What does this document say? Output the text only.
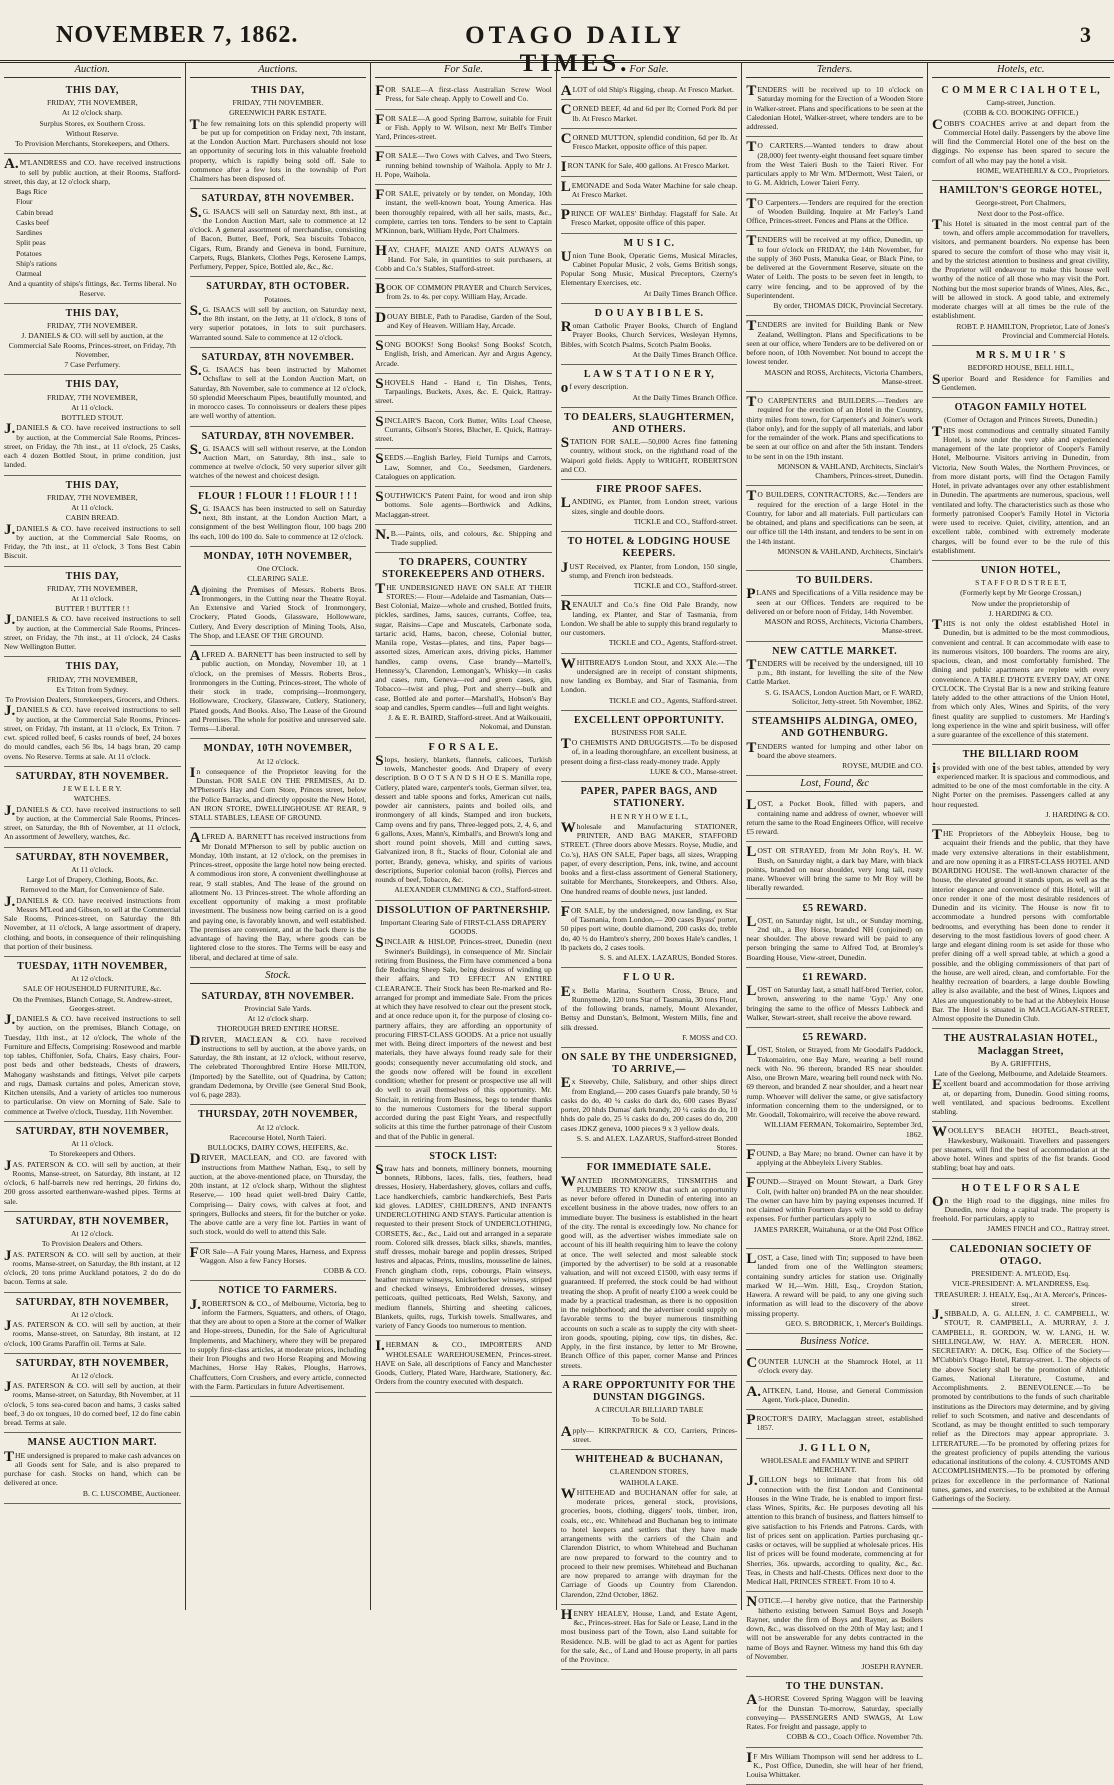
NOVEMBER 7, 1862.	OTAGO DAILY TIMES.
3
Auction.
THIS DAY,
FRIDAY, 7TH NOVEMBER,
At 12 o'clock sharp.
Surplus Stores, ex Southern Cross.
Without Reserve.
To Provision Merchants, Storekeepers, and Others.

A.M'LANDRESS and CO. have received instructions to sell by public auction, at their Rooms, Stafford-street, this day, at 12 o'clock sharp,

Bags Rice
Flour
Cabin bread
Casks beef
Sardines
Split peas
Potatoes
Ship's rations
Oatmeal
And a quantity of ships's fittings, &c. Terms liberal. No Reserve.
THIS DAY,
FRIDAY, 7TH NOVEMBER.
J. DANIELS & CO. will sell by auction, at the Commercial Sale Rooms, Princes-street, on Friday, 7th November,
7 Case Perfumery.
THIS DAY,
FRIDAY, 7TH NOVEMBER,
At 11 o'clock.
BOTTLED STOUT.

J.DANIELS & CO. have received instructions to sell by auction, at the Commercial Sale Rooms, Princes-street, on Friday, the 7th inst., at 11 o'clock, 25 Casks, each 4 dozen Bottled Stout, in prime condition, just landed.

THIS DAY,
FRIDAY, 7TH NOVEMBER,
At 11 o'clock.
CABIN BREAD.

J.DANIELS & CO. have received instructions to sell by auction, at the Commercial Sale Rooms, on Friday, the 7th inst., at 11 o'clock, 3 Tons Best Cabin Biscuit.

THIS DAY,
FRIDAY, 7TH NOVEMBER,
At 11 o'clock.
BUTTER ! BUTTER ! !

J.DANIELS & CO. have received instructions to sell by auction, at the Commercial Sale Rooms, Princes-street, on Friday, the 7th inst., at 11 o'clock, 24 Casks New Wellington Butter.

THIS DAY,
FRIDAY, 7TH NOVEMBER,
Ex Triton from Sydney.
To Provision Dealers, Storekeepers, Grocers, and Others.

J.DANIELS & CO. have received instructions to sell by auction, at the Commercial Sale Rooms, Princes-street, on Friday, 7th instant, at 11 o'clock, Ex Triton. 7 cwt. spiced rolled beef, 6 casks rounds of beef, 24 boxes do mould candles, each 56 lbs, 14 bags bran, 20 camp ovens. No Reserve. Terms at sale. At 11 o'clock.

SATURDAY, 8TH NOVEMBER.
J E W E L L E R Y.
WATCHES.

J.DANIELS & CO. have received instructions to sell by auction, at the Commercial Sale Rooms, Princes-street, on Saturday, the 8th of November, at 11 o'clock, An assortment of Jewellery, watches, &c.

SATURDAY, 8TH NOVEMBER,
At 11 o'clock.
Large Lot of Drapery, Clothing, Boots, &c.
Removed to the Mart, for Convenience of Sale.

J.DANIELS & CO. have received instructions from Messrs M'Leod and Gibson, to sell at the Commercial Sale Rooms, Princes-street, on Saturday the 8th November, at 11 o'clock, A large assortment of drapery, clothing, and boots, in consequence of their relinquishing that portion of their business.

TUESDAY, 11TH NOVEMBER,
At 12 o'clock.
SALE OF HOUSEHOLD FURNITURE, &c.
On the Premises, Blanch Cottage, St. Andrew-street, Georges-street.

J.DANIELS & CO. have received instructions to sell by auction, on the premises, Blanch Cottage, on Tuesday, 11th inst., at 12 o'clock, The whole of the Furniture and Effects, Comprising: Rosewood and marble top tables, Chiffonier, Sofa, Chairs, Easy chairs, Four-post beds and other bedsteads, Chests of drawers, Mahogany washstands and fittings, Velvet pile carpets and rugs, Damask curtains and poles, American stove, Kitchen utensils, And a variety of articles too numerous to particularise. On view on Morning of Sale. Sale to commence at Twelve o'clock, Tuesday, 11th November.

SATURDAY, 8TH NOVEMBER,
At 11 o'clock.
To Storekeepers and Others.

JAS. PATERSON & CO. will sell by auction, at their Rooms, Manse-street, on Saturday, 8th instant, at 12 o'clock, 6 half-barrels new red herrings, 20 firkins do, 200 gross assorted earthenware-washed pipes. Terms at sale.

SATURDAY, 8TH NOVEMBER,
At 12 o'clock.
To Provision Dealers and Others.

JAS. PATERSON & CO. will sell by auction, at their rooms, Manse-street, on Saturday, the 8th instant, at 12 o'clock, 20 tons prime Auckland potatoes, 2 do do do bacon. Terms at sale.

SATURDAY, 8TH NOVEMBER,
At 12 o'clock.

JAS. PATERSON & CO. will sell by auction, at their rooms, Manse-street, on Saturday, 8th instant, at 12 o'clock, 100 Grams Paraffin oil. Terms at Sale.

SATURDAY, 8TH NOVEMBER,
At 12 o'clock.

JAS. PATERSON & CO. will sell by auction, at their rooms, Manse-street, on Saturday, 8th November, at 11 o'clock, 5 tons sea-cured bacon and hams, 3 casks salted beef, 3 do ox tongues, 10 do corned beef, 12 do fine cabin bread. Terms at sale.

MANSE AUCTION MART.

THE undersigned is prepared to make cash advances on all Goods sent for Sale, and is also prepared to purchase for cash. Stocks on hand, which can be delivered at once.

B. C. LUSCOMBE, Auctioneer.
Auctions.
THIS DAY,
FRIDAY, 7TH NOVEMBER.
GREENWICH PARK ESTATE.

The few remaining lots on this splendid property will be put up for competition on Friday next, 7th instant, at the London Auction Mart. Purchasers should not lose an opportunity of securing lots in this valuable freehold property, which is rapidly being sold off. Sale to commence after a few lots in the township of Port Chalmers has been disposed of.

SATURDAY, 8TH NOVEMBER.

S.G. ISAACS will sell on Saturday next, 8th inst., at the London Auction Mart, sale to commence at 12 o'clock. A general assortment of merchandise, consisting of Bacon, Butter, Beef, Pork, Sea biscuits Tobacco, Cigars, Rum, Brandy and Geneva in bond, Furniture, Carpets, Rugs, Blankets, Clothes Pegs, Kerosene Lamps, Perfumery, Pepper, Spice, Bottled ale, &c., &c.

SATURDAY, 8TH OCTOBER.
Potatoes.

S.G. ISAACS will sell by auction, on Saturday next, the 8th instant, on the Jetty, at 11 o'clock, 8 tons of very superior potatoes, in lots to suit purchasers. Warranted sound. Sale to commence at 12 o'clock.

SATURDAY, 8TH NOVEMBER.

S.G. ISAACS has been instructed by Mahomet Ochsflaw to sell at the London Auction Mart, on Saturday, 8th November, sale to commence at 12 o'clock, 50 splendid Meerschaum Pipes, beautifully mounted, and in morocco cases. To connoisseurs or dealers these pipes are well worthy of attention.

SATURDAY, 8TH NOVEMBER.

S.G. ISAACS will sell without reserve, at the London Auction Mart, on Saturday, 8th inst., sale to commence at twelve o'clock, 50 very superior silver gilt watches of the newest and choicest design.

FLOUR ! FLOUR ! ! FLOUR ! ! !

S.G. ISAACS has been instructed to sell on Saturday next, 8th instant, at the London Auction Mart, a consignment of the best Wellington flour, 100 bags 200 lbs each, 100 do 100 do. Sale to commence at 12 o'clock.

MONDAY, 10TH NOVEMBER,
One O'Clock.
CLEARING SALE.

Adjoining the Premises of Messrs. Roberts Bros. Ironmongers, in the Cutting near the Theatre Royal. An Extensive and Varied Stock of Ironmongery, Crockery, Plated Goods, Glassware, Hollowware, Cutlery, And Every description of Mining Tools, Also, The Shop, and LEASE OF THE GROUND.

ALFRED A. BARNETT has been instructed to sell by public auction, on Monday, November 10, at 1 o'clock, on the premises of Messrs. Roberts Bros., Ironmongers in the Cutting, Princes-street, The whole of their stock in trade, comprising—Ironmongery, Hollowware, Crockery, Glassware, Cutlery, Stationery, Plated goods, And Books. Also, The Lease of the Ground and Premises. The whole for positive and unreserved sale. Terms—Liberal.

MONDAY, 10TH NOVEMBER,
At 12 o'clock.

In consequence of the Proprietor leaving for the Dunstan. FOR SALE ON THE PREMISES, At D. M'Pherson's Hay and Corn Store, Princes street, below the Police Barracks, and directly opposite the New Hotel, AN IRON STORE, DWELLINGHOUSE AT REAR, 9 STALL STABLES, LEASE OF GROUND.

ALFRED A. BARNETT has received instructions from Mr Donald M'Pherson to sell by public auction on Monday, 10th instant, at 12 o'clock, on the premises in Princes-street, opposite the large hotel now being erected. A commodious iron store, A convenient dwellinghouse at rear, 9 stall stables, And The lease of the ground on allotment No. 13 Princes-street. The whole affording an excellent opportunity of making a most profitable investment. The business now being carried on is a good and paying one, is favorably known, and well established. The premises are convenient, and at the back there is the advantage of having the Bay, where goods can be lightered close to the stores. The Terms will be easy and liberal, and declared at time of sale.

Stock.
SATURDAY, 8TH NOVEMBER.
Provincial Sale Yards.
At 12 o'clock sharp.
THOROUGH BRED ENTIRE HORSE.

DRIVER, MACLEAN & CO. have received instructions to sell by auction, at the above yards, on Saturday, the 8th instant, at 12 o'clock, without reserve, The celebrated Thoroughbred Entire Horse MILTON, (Imported) by the Satellite, out of Quadrina, by Catton; grandam Dedemona, by Orville (see General Stud Book, vol 6, page 283).

THURSDAY, 20TH NOVEMBER,
At 12 o'clock.
Racecourse Hotel, North Taieri.
BULLOCKS, DAIRY COWS, HEIFERS, &c.

DRIVER, MACLEAN, and CO. are favored with instructions from Matthew Nathan, Esq., to sell by auction, at the above-mentioned place, on Thursday, the 20th instant, at 12 o'clock sharp, Without the slightest Reserve,— 100 head quiet well-bred Dairy Cattle, Comprising— Dairy cows, with calves at foot, and springers, Bullocks and steers, fit for the butcher or yoke. The above cattle are a very fine lot. Parties in want of such stock, would do well to attend this Sale.

FOR Sale—A Fair young Mares, Harness, and Express Waggon. Also a few Fancy Horses.

COBB & CO.
NOTICE TO FARMERS.

J.ROBERTSON & CO., of Melbourne, Victoria, beg to inform the Farmers, Squatters, and others, of Otago, that they are about to open a Store at the corner of Walker and Hope-streets, Dunedin, for the Sale of Agricultural Implements, and Machinery, where they will be prepared to supply first-class articles, at moderate prices, including their Iron Ploughs and two Horse Reaping and Mowing Machines, Horse Hay Rakes, Ploughs, Harrows, Chaffcutters, Corn Crushers, and every article, connected with the Farm. Particulars in future Advertisement.

For Sale.

FOR SALE—A first-class Australian Screw Wool Press, for Sale cheap. Apply to Cowell and Co.

FOR SALE—A good Spring Barrow, suitable for Fruit or Fish. Apply to W. Wilson, next Mr Bell's Timber Yard, Princes-street.

FOR SALE—Two Cows with Calves, and Two Steers, running behind township of Waihola. Apply to Mr J. H. Pope, Waihola.

FOR SALE, privately or by tender, on Monday, 10th instant, the well-known boat, Young America. Has been thoroughly repaired, with all her sails, masts, &c., complete, carries ten tons. Tenders to be sent to Captain M'Kinnon, bark, William Hyde, Port Chalmers.

HAY, CHAFF, MAIZE AND OATS ALWAYS on Hand. For Sale, in quantities to suit purchasers, at Cobb and Co.'s Stables, Stafford-street.

BOOK OF COMMON PRAYER and Church Services, from 2s. to 4s. per copy. William Hay, Arcade.

DOUAY BIBLE, Path to Paradise, Garden of the Soul, and Key of Heaven. William Hay, Arcade.

SONG BOOKS! Song Books! Song Books! Scotch, English, Irish, and American. Ayr and Argus Agency, Arcade.

SHOVELS Hand - Hand r, Tin Dishes, Tents, Tarpaulings, Buckets, Axes, &c. E. Quick, Rattray-street.

SINCLAIR'S Bacon, Cork Butter, Wilts Loaf Cheese, Currants, Gibson's Stores, Blucher, E. Quick, Rattray-street.

SEEDS.—English Barley, Field Turnips and Carrots, Law, Somner, and Co., Seedsmen, Gardeners. Catalogues on application.

SOUTHWICK'S Patent Paint, for wood and iron ship bottoms. Sole agents—Borthwick and Adkins, Maclaggan-street.

N.B.—Paints, oils, and colours, &c. Shipping and Trade supplied.

TO DRAPERS, COUNTRY STOREKEEPERS AND OTHERS.

THE UNDERSIGNED HAVE ON SALE AT THEIR STORES:— Flour—Adelaide and Tasmanian, Oats—Best Colonial, Maize—whole and crushed, Bottled fruits, pickles, sardines, Jams, sauces, currants, Coffee, tea, sugar, Raisins—Cape and Muscatels, Carbonate soda, tartaric acid, Hams, bacon, cheese, Colonial butter, Manila rope, Vestas—plates, and tins, Paper bags—assorted sizes, American axes, driving picks, Hammer handles, camp ovens, Case brandy—Martell's, Hennessy's, Clarendon, Lemongan's, Whisky—in casks and cases, rum, Geneva—red and green cases, gin, Tobacco—twist and plug, Port and sherry—bulk and case, Bottled ale and porter—Marshall's, Hobson's Bay soap and candles, Sperm candles—full and light weights.

J. & E. R. BAIRD, Stafford-street. And at Waikouaiti, Nokomai, and Dunstan.
F O R S A L E.

Slops, hosiery, blankets, flannels, calicoes, Turkish towels, Manchester goods. And Drapery of every description. B O O T S A N D S H O E S. Manilla rope, Cutlery, plated ware, carpenter's tools, German silver, tea, dessert and table spoons and forks, American cut nails, powder air cannisters, paints and boiled oils, and ironmongery of all kinds, Stamped and iron buckets, Camp ovens and fry pans, Three-legged pots, 2, 4, 6, and 6 gallons, Axes, Mann's, Kimball's, and Brown's long and short round point shovels, Mill and cutting saws, Galvanized iron, 8 ft., Stacks of flour, Colonial ale and porter, Brandy, geneva, whisky, and spirits of various descriptions, Superior colonial bacon (rolls), Pierces and rounds of beef, Tobacco, &c.

ALEXANDER CUMMING & CO., Stafford-street.
DISSOLUTION OF PARTNERSHIP.
Important Clearing Sale of FIRST-CLASS DRAPERY GOODS.

SINCLAIR & HISLOP, Princes-street, Dunedin (next Swinner's Buildings), in consequence of Mr. Sinclair retiring from Business, the Firm have commenced a bona fide Reducing Sheep Sale, being desirous of winding up their affairs, and TO EFFECT AN ENTIRE CLEARANCE. Their Stock has been Re-marked and Re-arranged for prompt and immediate Sale. From the prices at which they have resolved to clear out the present stock, and at once reduce upon it, for the purpose of closing co-partnery affairs, they are affording an opportunity of procuring FIRST-CLASS GOODS. At a price not usually met with. Being direct importers of the newest and best materials, they have always found ready sale for their goods; consequently never accumulating old stock, and the goods now offered will be found in excellent condition; whether for present or prospective use all will do well to avail themselves of this opportunity. Mr. Sinclair, in retiring from Business, begs to tender thanks to the numerous Customers for the liberal support accorded during the past Eight Years, and respectfully solicits at this time the further patronage of their Custom and that of the Public in general.

STOCK LIST:

Straw hats and bonnets, millinery bonnets, mourning bonnets, Ribbons, laces, falls, ties, feathers, head dresses, Hosiery, Haberdashery, gloves, collars and cuffs, Lace handkerchiefs, cambric handkerchiefs, Best Paris kid gloves. LADIES', CHILDREN'S, AND INFANTS UNDERCLOTHING AND STAYS. Particular attention is requested to their present Stock of UNDERCLOTHING, CORSETS, &c., &c., Laid out and arranged in a separate room. Colored silk dresses, black silks, shawls, mantles, stuff dresses, mohair barege and poplin dresses, Striped lustres and alpacas, Prints, muslins, mousseline de laines, French gingham cloth, reps, cobourgs, Plain winseys, heather mixture winseys, knickerbocker winseys, striped and checked winseys, Embroidered dresses, winsey petticoats, quilted petticoats, Red Welsh, Saxony, and medium flannels, Shirting and sheeting calicoes, Blankets, quilts, rugs, Turkish towels. Smallwares, and variety of Fancy Goods too numerous to mention.

I.HERMAN & CO., IMPORTERS AND WHOLESALE WAREHOUSEMEN, Princes-street. HAVE on Sale, all descriptions of Fancy and Manchester Goods, Cutlery, Plated Ware, Hardware, Stationery, &c. Orders from the country executed with despatch.

For Sale.

ALOT of old Ship's Rigging, cheap. At Fresco Market.

CORNED BEEF, 4d and 6d per lb; Corned Pork 8d per lb. At Fresco Market.

CORNED MUTTON, splendid condition, 6d per lb. At Fresco Market, opposite office of this paper.

IRON TANK for Sale, 400 gallons. At Fresco Market.

LEMONADE and Soda Water Machine for sale cheap. At Fresco Market.

PRINCE OF WALES' Birthday. Flagstaff for Sale. At Fresco Market, opposite office of this paper.

M U S I C.

Union Tune Book, Operatic Gems, Musical Miracles, Cabinet Popular Music, 2 vols, Gems British songs, Popular Song Music, Musical Preceptors, Czerny's Elementary Exercises, etc.

At Daily Times Branch Office.
D O U A Y B I B L E S.

Roman Catholic Prayer Books, Church of England Prayer Books, Church Services, Wesleyan Hymns, Bibles, with Scotch Psalms, Scotch Psalm Books.

At the Daily Times Branch Office.
L A W S T A T I O N E R Y,

of every description.

At the Daily Times Branch Office.
TO DEALERS, SLAUGHTERMEN, AND OTHERS.

STATION FOR SALE.—50,000 Acres fine fattening country, without stock, on the righthand road of the Waipori gold fields. Apply to WRIGHT, ROBERTSON and CO.

FIRE PROOF SAFES.

LANDING, ex Planter, from London street, various sizes, single and double doors.

TICKLE and CO., Stafford-street.
TO HOTEL & LODGING HOUSE KEEPERS.

JUST Received, ex Planter, from London, 150 single, stump, and French iron bedsteads.

TICKLE and CO., Stafford-street.

RENAULT and Co.'s fine Old Pale Brandy, now landing, ex Planter, and Star of Tasmania, from London. We shall be able to supply this brand regularly to our customers.

TICKLE and CO., Agents, Stafford-street.

WHITBREAD'S London Stout, and XXX Ale.—The undersigned are in receipt of constant shipments, now landing ex Bombay, and Star of Tasmania, from London.

TICKLE and CO., Agents, Stafford-street.
EXCELLENT OPPORTUNITY.
BUSINESS FOR SALE.

TO CHEMISTS AND DRUGGISTS.—To be disposed of, in a leading thoroughfare, an excellent business, at present doing a first-class ready-money trade. Apply

LUKE & CO., Manse-street.
PAPER, PAPER BAGS, AND STATIONERY.
H E N R Y H O W E L L,

Wholesale and Manufacturing STATIONER, PRINTER, AND BAG MAKER, STAFFORD STREET. (Three doors above Messrs. Royse, Mudie, and Co.'s), HAS ON SALE, Paper bags, all sizes, Wrapping paper, of every description, Pens, ink, twine, and account books and a first-class assortment of General Stationery, suitable for Merchants, Storekeepers, and Others. Also, One hundred reams of double news, just landed.

FOR SALE, by the undersigned, now landing, ex Star of Tasmania, from London,— 200 cases Byass' porter, 50 pipes port wine, double diamond, 200 casks do, treble do, 40 ½ do Hambro's sherry, 200 boxes Hale's candles, 1 lb packets do, 2 cases tools.

S. S. and ALEX. LAZARUS, Bonded Stores.
F L O U R.

Ex Bella Marina, Southern Cross, Bruce, and Runnymede, 120 tons Star of Tasmania, 30 tons Flour, of the following brands, namely, Mount Alexander, Bettsy and Dunstan's, Belmont, Western Mills, fine and silk dressed.

F. MOSS and CO.
ON SALE BY THE UNDERSIGNED, TO ARRIVE,—

Ex Steeveby, Chile, Salisbury, and other ships direct from England,— 200 cases Guard's pale brandy, 50 ¼ casks do do, 40 ¼ casks do dark do, 600 cases Byass' porter, 20 hhds Dumas' dark brandy, 20 ¼ casks do do, 10 hhds do pale do, 25 ¼ casks do do, 200 cases do do, 200 cases JDKZ geneva, 1000 pieces 9 x 3 yellow deals.

S. S. and ALEX. LAZARUS, Stafford-street Bonded Stores.
FOR IMMEDIATE SALE.

WANTED IRONMONGERS, TINSMITHS and PLUMBERS TO KNOW that such an opportunity as never before offered in Dunedin of entering into an excellent business in the above trades, now offers to an immediate buyer. The business is established in the heart of the city. The rental is exceedingly low. No chance for good will, as the advertiser wishes immediate sale on account of his ill health requiring him to leave the colony at once. The well selected and most saleable stock (imported by the advertiser) to be sold at a reasonable valuation, and will not exceed £1500, with easy terms if guaranteed. If preferred, the stock could be had without treating the shop. A profit of nearly £100 a week could be made by a practical tradesman, as there is no opposition in the neighborhood; and the advertiser could supply on favorable terms to the buyer numerous tinsmithing accounts on such a scale as to supply the city with sheet-iron goods, spouting, piping, cow tips, tin dishes, &c. Apply, in the first instance, by letter to Mr Browne, Branch Office of this paper, corner Manse and Princes streets.

A RARE OPPORTUNITY FOR THE DUNSTAN DIGGINGS.
A CIRCULAR BILLIARD TABLE
To be Sold.

Apply— KIRKPATRICK & CO, Carriers, Princes-street.

WHITEHEAD & BUCHANAN,
CLARENDON STORES,
WAIHOLA LAKE.

WHITEHEAD and BUCHANAN offer for sale, at moderate prices, general stock, provisions, groceries, boots, clothing, diggers' tools, timber, iron, coals, etc., etc. Whitehead and Buchanan beg to intimate to hotel keepers and settlers that they have made arrangements with the carriers of the Chain and Clarendon District, to whom Whitehead and Buchanan are now prepared to forward to the country and to proceed to their new premises. Whitehead and Buchanan are now prepared to arrange with drayman for the Carriage of Goods up Country from Clarendon. Clarendon, 22nd October, 1862.

HENRY HEALEY, House, Land, and Estate Agent, &c., Princes-street. Has for Sale or Lease, Land in the most business part of the Town, also Land suitable for Residence. N.B. will be glad to act as Agent for parties for the sale, &c., of Land and House property, in all parts of the Province.

Tenders.

TENDERS will be received up to 10 o'clock on Saturday morning for the Erection of a Wooden Store in Walker-street. Plans and specifications to be seen at the Caledonian Hotel, Walker-street, where tenders are to be addressed.

TO CARTERS.—Wanted tenders to draw about (28,000) feet twenty-eight thousand feet square timber from the West Taieri Bush to the Taieri River. For particulars apply to Mr Wm. M'Dermott, West Taieri, or to G. M. Aldrich, Lower Taieri Ferry.

TO Carpenters.—Tenders are required for the erection of Wooden Building. Inquire at Mr Farley's Land Office, Princes-street. Fences and Plans at the Office.

TENDERS will be received at my office, Dunedin, up to four o'clock on FRIDAY, the 14th November, for the supply of 360 Posts, Manuka Gear, or Black Pine, to be delivered at the Government Reserve, situate on the Water of Leith. The posts to be seven feet in length, to carry wire fencing, and to be approved of by the Superintendent.

By order, THOMAS DICK, Provincial Secretary.

TENDERS are invited for Building Bank or New Zealand, Wellington. Plans and Specifications to be seen at our office, where Tenders are to be delivered on or before noon, of 10th November. Not bound to accept the lowest tender.

MASON and ROSS, Architects, Victoria Chambers, Manse-street.

TO CARPENTERS and BUILDERS.—Tenders are required for the erection of an Hotel in the Country, thirty miles from town, for Carpenter's and Joiner's work (labor only), and for the supply of all materials, and labor for the remainder of the work. Plans and specifications to be seen at our office on and after the 5th instant. Tenders to be sent in on the 19th instant.

MONSON & VAHLAND, Architects, Sinclair's Chambers, Princes-street, Dunedin.

TO BUILDERS, CONTRACTORS, &c.—Tenders are required for the erection of a large Hotel in the Country, for labor and all materials. Full particulars can be obtained, and plans and specifications can be seen, at our office till the 14th instant, and tenders to be sent in on the 14th instant.

MONSON & VAHLAND, Architects, Sinclair's Chambers.
TO BUILDERS.

PLANS and Specifications of a Villa residence may be seen at our Offices. Tenders are required to be delivered on or before noon of Friday, 14th November.

MASON and ROSS, Architects, Victoria Chambers, Manse-street.
NEW CATTLE MARKET.

TENDERS will be received by the undersigned, till 10 p.m., 8th instant, for levelling the site of the New Cattle Market.

S. G. ISAACS, London Auction Mart, or F. WARD, Solicitor, Jetty-street. 5th November, 1862.
STEAMSHIPS ALDINGA, OMEO, AND GOTHENBURG.

TENDERS wanted for lumping and other labor on board the above steamers.

ROYSE, MUDIE and CO.
Lost, Found, &c

LOST, a Pocket Book, filled with papers, and containing name and address of owner, whoever will return the same to the Road Engineers Office, will receive £5 reward.

LOST OR STRAYED, from Mr John Roy's, H. W. Bush, on Saturday night, a dark bay Mare, with black points, branded on near shoulder, very long tail, rusty mane. Whoever will bring the same to Mr Roy will be liberally rewarded.

£5 REWARD.

LOST, on Saturday night, 1st ult., or Sunday morning, 2nd ult., a Boy Horse, branded NH (conjoined) on near shoulder. The above reward will be paid to any person bringing the same to Alfred Tod, at Bromley's Boarding House, View-street, Dunedin.

£1 REWARD.

LOST on Saturday last, a small half-bred Terrier, color, brown, answering to the name 'Gyp.' Any one bringing the same to the office of Messrs Lubbeck and Walker, Stewart-street, shall receive the above reward.

£5 REWARD.

LOST, Stolen, or Strayed, from Mr Goodall's Paddock, Tokomairiro, one Bay Mare, wearing a bell round neck with No. 96 thereon, branded RS near shoulder. Also, one Brown Mare, wearing bell round neck with No. 69 thereon, and branded Z near shoulder, and a heart near rump. Whoever will deliver the same, or give satisfactory information concerning them to the undersigned, or to Mr. Goodall, Tokomairiro, will receive the above reward.

WILLIAM FERMAN, Tokomairiro, September 3rd, 1862.

FOUND, a Bay Mare; no brand. Owner can have it by applying at the Abbeyleix Livery Stables.

FOUND.—Strayed on Mount Stewart, a Dark Grey Colt, (with halter on) branded PA on the near shoulder. The owner can have him by paying expenses incurred. If not claimed within Fourteen days will be sold to defray expenses. For further particulars apply to

JAMES PARKER, Waitahuna, or at the Old Post Office Store. April 22nd, 1862.

LOST, a Case, lined with Tin; supposed to have been landed from one of the Wellington steamers; containing sundry articles for station use. Originally marked W H,—Wm. Hill, Esq., Croydon Station, Hawera. A reward will be paid, to any one giving such information as will lead to the discovery of the above missing property.

GEO. S. BRODRICK, 1, Mercer's Buildings.
Business Notice.

COUNTER LUNCH at the Shamrock Hotel, at 11 o'clock every day.

A.AITKEN, Land, House, and General Commission Agent, York-place, Dunedin.

PROCTOR'S DAIRY, Maclaggan street, established 1857.

J. G I L L O N,
WHOLESALE and FAMILY WINE and SPIRIT MERCHANT.

J.GILLON begs to intimate that from his old connection with the first London and Continental Houses in the Wine Trade, he is enabled to import first-class Wines, Spirits, &c. He purposes devoting all his attention to this branch of business, and flatters himself to give satisfaction to his Friends and Patrons. Cards, with list of prices sent on application. Parties purchasing qr.-casks or octaves, will be supplied at wholesale prices. His list of prices will be found moderate, commencing at for Sherries, 36s. upwards, according to quality, &c., &c. Teas, in Chests and half-Chests. Offices next door to the Medical Hall, PRINCES STREET. From 10 to 4.

NOTICE.—I hereby give notice, that the Partnership hitherto existing between Samuel Boys and Joseph Rayner, under the firm of Boys and Rayner, as Boilers down, &c., was dissolved on the 20th of May last; and I will not be answerable for any debts contracted in the name of Boys and Rayner. Witness my hand this 6th day of November.

JOSEPH RAYNER.
TO THE DUNSTAN.

A5-HORSE Covered Spring Waggon will be leaving for the Dunstan To-morrow, Saturday, specially conveying— PASSENGERS AND SWAGS, At Low Rates. For freight and passage, apply to

COBB & CO., Coach Office. November 7th.

IF Mrs William Thompson will send her address to L. K., Post Office, Dunedin, she will hear of her friend, Louisa Whittaker.

Hotels, etc.
C O M M E R C I A L H O T E L,
Camp-street, Junction.
(COBB & CO. BOOKING OFFICE.)

COBB'S COACHES arrive at and depart from the Commercial Hotel daily. Passengers by the above line will find the Commercial Hotel one of the best on the diggings. No expense has been spared to secure the comfort of all who may pay the hotel a visit.

HOME, WEATHERLY & CO., Proprietors.
HAMILTON'S GEORGE HOTEL,
George-street, Port Chalmers,
Next door to the Post-office.

This Hotel is situated in the most central part of the town, and offers ample accommodation for travellers, visitors, and permanent boarders. No expense has been spared to secure the comfort of those who may visit it, and by the strictest attention to business and great civility, the Proprietor will endeavour to make this house well worthy of the notice of all those who may visit the Port. Nothing but the most superior brands of Wines, Ales, &c., will be allowed in stock. A good table, and extremely moderate charges will at all times be the rule of the establishment.

ROBT. P. HAMILTON, Proprietor, Late of Jones's Provincial and Commercial Hotels.
M R S. M U I R ' S
BEDFORD HOUSE, BELL HILL,

Superior Board and Residence for Families and Gentlemen.

OTAGON FAMILY HOTEL
(Corner of Octagon and Princes Streets, Dunedin.)

THIS most commodious and centrally situated Family Hotel, is now under the very able and experienced management of the late proprietor of Cooper's Family Hotel, Melbourne. Visitors arriving in Dunedin, from Victoria, New South Wales, the Northern Provinces, or from more distant ports, will find the Octagon Family Hotel, in private advantages over any other establishment in Dunedin. The apartments are numerous, spacious, well ventilated and lofty. The characteristics such as those who formerly patronised Cooper's Family Hotel in Victoria were used to receive. Quiet, civility, attention, and an excellent table, combined with extremely moderate charges, will be found ever to be the rule of this establishment.

UNION HOTEL,
S T A F F O R D S T R E E T,
(Formerly kept by Mr George Crossan,)
Now under the proprietorship of
J. HARDING & CO.

THIS is not only the oldest established Hotel in Dunedin, but is admitted to be the most commodious, convenient and central. It can accommodate with ease to its numerous visitors, 100 boarders. The rooms are airy, spacious, clean, and most comfortably furnished. The dining and public apartments are replete with every convenience. A TABLE D'HOTE EVERY DAY, AT ONE O'CLOCK. The Crystal Bar is a new and striking feature lately added to the other attractions of the Union Hotel, from which only Ales, Wines and Spirits, of the very finest quality are supplied to customers. Mr Harding's long experience in the wine and spirit business, will offer a sure guarantee of the excellence of this statement.

THE BILLIARD ROOM

is provided with one of the best tables, attended by very experienced marker. It is spacious and commodious, and admitted to be one of the most comfortable in the city. A Night Porter on the premises. Passengers called at any hour requested.

J. HARDING & CO.

THE Proprietors of the Abbeyleix House, beg to acquaint their friends and the public, that they have made very extensive alterations in their establishment, and are now opening it as a FIRST-CLASS HOTEL AND BOARDING HOUSE. The well-known character of the house, the elevated ground it stands upon, as well as the interior elegance and convenience of this Hotel, will at once render it one of the most desirable residences of Dunedin and its vicinity. The House is now fit to accommodate a hundred persons with comfortable bedrooms, and everything has been done to render it deserving to the most fastidious lovers of good cheer. A large and elegant dining room is set aside for those who prefer dining off a well spread table, at which a good a possible, and the obliging commissioners of that part of the house, are well aired, clean, and comfortable. For the healthy recreation of boarders, a large double Bowling alley is also available, and the best of Wines, Liquors and Ales are unquestionably to be had at the Abbeyleix House Bar. The Hotel is situated in MACLAGGAN-STREET, Almost opposite the Dunedin Club.

THE AUSTRALASIAN HOTEL, Maclaggan Street,
By A. GRIFFITHS,
Late of the Geelong, Melbourne, and Adelaide Steamers.

Excellent board and accommodation for those arriving at, or departing from, Dunedin. Good sitting rooms, well ventilated, and spacious bedrooms. Excellent stabling.

WOOLLEY'S BEACH HOTEL, Beach-street, Hawkesbury, Waikouaiti. Travellers and passengers per steamers, will find the best of accommodation at the above hotel. Wines and spirits of the fist brands. Good stabling; boat hay and oats.

H O T E L F O R S A L E

On the High road to the diggings, nine miles fro Dunedin, now doing a capital trade. The property is freehold. For particulars, apply to

JAMES FINCH and CO., Rattray street.
CALEDONIAN SOCIETY OF OTAGO.
PRESIDENT: A. M'LEOD, Esq.
VICE-PRESIDENT: A. M'LANDRESS, Esq.
TREASURER: J. HEALY, Esq., At A. Mercer's, Princes-street.

J.SIBBALD, A. G. ALLEN, J. C. CAMPBELL, W. STOUT, R. CAMPBELL, A. MURRAY, J. J. CAMPBELL, R. GORDON, W. W. LANG, H. W. SHILLINGLAW, W. HAY. A. MERCER. HON. SECRETARY: A. DICK, Esq. Office of the Society—M'Cubbin's Otago Hotel, Rattray-street. 1. The objects of the above Society shall be the promotion of Athletic Games, National Literature, Costume, and Accomplishments. 2. BENEVOLENCE.—To be promoted by contributions to the funds of such charitable institutions as the Directors may determine, and by giving relief to such Scotsmen, and native and descendants of Scotland, as may be thought entitled to such temporary relief as the Directors may appear appropriate. 3. LITERATURE.—To be promoted by offering prizes for the greatest proficiency of pupils attending the various educational institutions of the colony. 4. CUSTOMS AND ACCOMPLISHMENTS.—To be promoted by offering prizes for excellence in the performance of National tunes, games, and exercises, to be exhibited at the Annual Gatherings of the Society.
